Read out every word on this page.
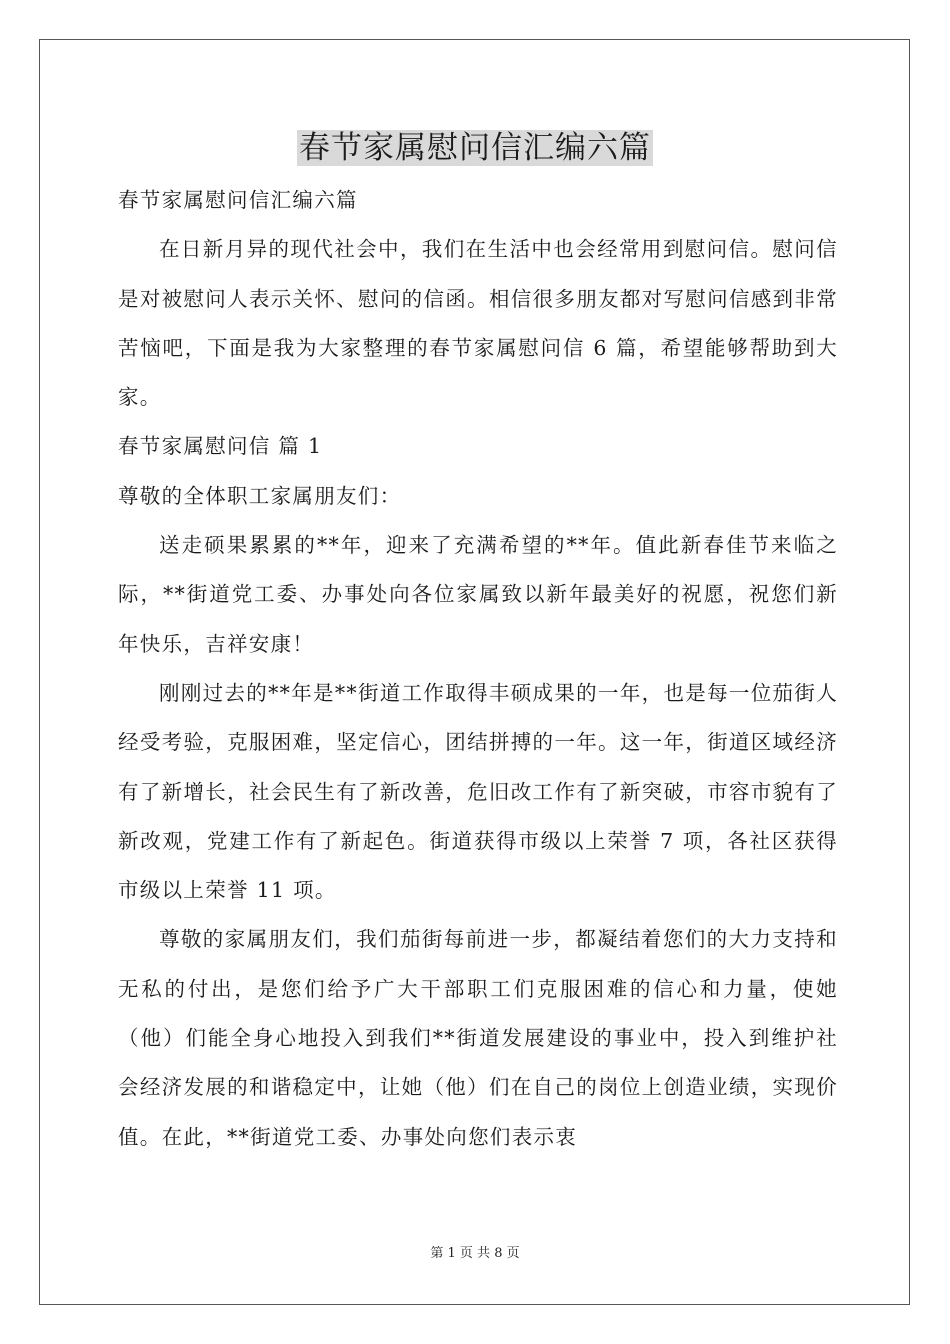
春节家属慰问信汇编六篇

春节家属慰问信汇编六篇

在日新月异的现代社会中，我们在生活中也会经常用到慰问信。慰问信是对被慰问人表示关怀、慰问的信函。相信很多朋友都对写慰问信感到非常苦恼吧，下面是我为大家整理的春节家属慰问信 6 篇，希望能够帮助到大家。

春节家属慰问信 篇 1

尊敬的全体职工家属朋友们：

送走硕果累累的**年，迎来了充满希望的**年。值此新春佳节来临之际，**街道党工委、办事处向各位家属致以新年最美好的祝愿，祝您们新年快乐，吉祥安康！

刚刚过去的**年是**街道工作取得丰硕成果的一年，也是每一位茄街人经受考验，克服困难，坚定信心，团结拼搏的一年。这一年，街道区域经济有了新增长，社会民生有了新改善，危旧改工作有了新突破，市容市貌有了新改观，党建工作有了新起色。街道获得市级以上荣誉 7 项，各社区获得市级以上荣誉 11 项。

尊敬的家属朋友们，我们茄街每前进一步，都凝结着您们的大力支持和无私的付出，是您们给予广大干部职工们克服困难的信心和力量，使她（他）们能全身心地投入到我们**街道发展建设的事业中，投入到维护社会经济发展的和谐稳定中，让她（他）们在自己的岗位上创造业绩，实现价值。在此，**街道党工委、办事处向您们表示衷

第 1 页 共 8 页
